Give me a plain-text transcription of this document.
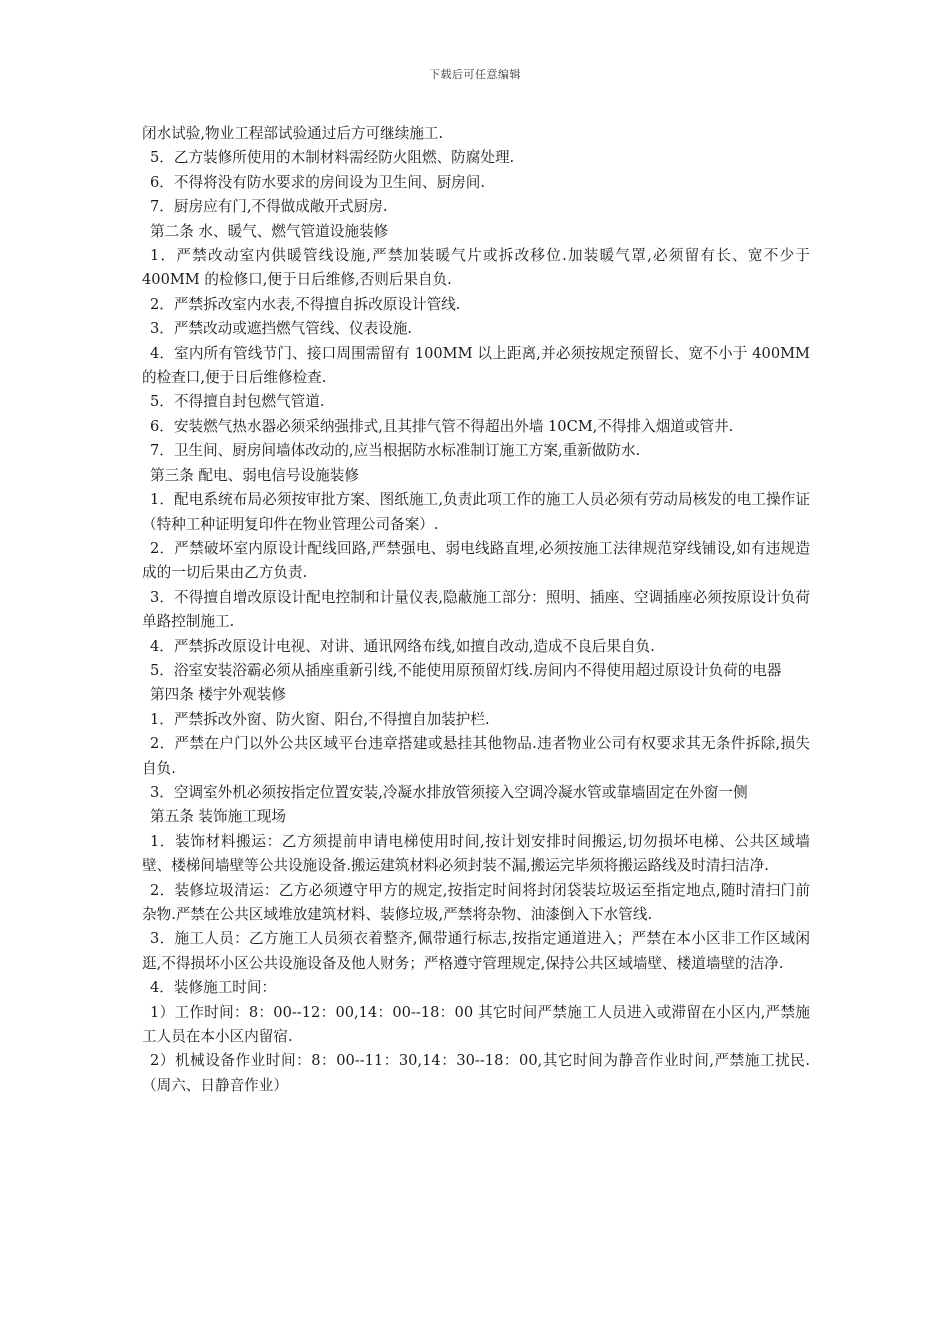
下载后可任意编辑

闭水试验,物业工程部试验通过后方可继续施工.

5．乙方装修所使用的木制材料需经防火阻燃、防腐处理.

6．不得将没有防水要求的房间设为卫生间、厨房间.

7．厨房应有门,不得做成敞开式厨房.

第二条 水、暖气、燃气管道设施装修

1．严禁改动室内供暖管线设施,严禁加装暖气片或拆改移位.加装暖气罩,必须留有长、宽不少于 400MM 的检修口,便于日后维修,否则后果自负.

2．严禁拆改室内水表,不得擅自拆改原设计管线.

3．严禁改动或遮挡燃气管线、仪表设施.

4．室内所有管线节门、接口周围需留有 100MM 以上距离,并必须按规定预留长、宽不小于 400MM 的检查口,便于日后维修检查.

5．不得擅自封包燃气管道.

6．安装燃气热水器必须采纳强排式,且其排气管不得超出外墙 10CM,不得排入烟道或管井.

7．卫生间、厨房间墙体改动的,应当根据防水标准制订施工方案,重新做防水.

第三条 配电、弱电信号设施装修

1．配电系统布局必须按审批方案、图纸施工,负责此项工作的施工人员必须有劳动局核发的电工操作证（特种工种证明复印件在物业管理公司备案）.

2．严禁破坏室内原设计配线回路,严禁强电、弱电线路直埋,必须按施工法律规范穿线铺设,如有违规造成的一切后果由乙方负责.

3．不得擅自增改原设计配电控制和计量仪表,隐蔽施工部分：照明、插座、空调插座必须按原设计负荷单路控制施工.

4．严禁拆改原设计电视、对讲、通讯网络布线,如擅自改动,造成不良后果自负.

5．浴室安装浴霸必须从插座重新引线,不能使用原预留灯线.房间内不得使用超过原设计负荷的电器

第四条 楼宇外观装修

1．严禁拆改外窗、防火窗、阳台,不得擅自加装护栏.

2．严禁在户门以外公共区域平台违章搭建或悬挂其他物品.违者物业公司有权要求其无条件拆除,损失自负.

3．空调室外机必须按指定位置安装,冷凝水排放管须接入空调冷凝水管或靠墙固定在外窗一侧

第五条 装饰施工现场

1．装饰材料搬运：乙方须提前申请电梯使用时间,按计划安排时间搬运,切勿损坏电梯、公共区域墙壁、楼梯间墙壁等公共设施设备.搬运建筑材料必须封装不漏,搬运完毕须将搬运路线及时清扫洁净.

2．装修垃圾清运：乙方必须遵守甲方的规定,按指定时间将封闭袋装垃圾运至指定地点,随时清扫门前杂物.严禁在公共区域堆放建筑材料、装修垃圾,严禁将杂物、油漆倒入下水管线.

3．施工人员：乙方施工人员须衣着整齐,佩带通行标志,按指定通道进入；严禁在本小区非工作区域闲逛,不得损坏小区公共设施设备及他人财务；严格遵守管理规定,保持公共区域墙壁、楼道墙壁的洁净.

4．装修施工时间：

1）工作时间：8：00--12：00,14：00--18：00 其它时间严禁施工人员进入或滞留在小区内,严禁施工人员在本小区内留宿.

2）机械设备作业时间：8：00--11：30,14：30--18：00,其它时间为静音作业时间,严禁施工扰民.（周六、日静音作业）
